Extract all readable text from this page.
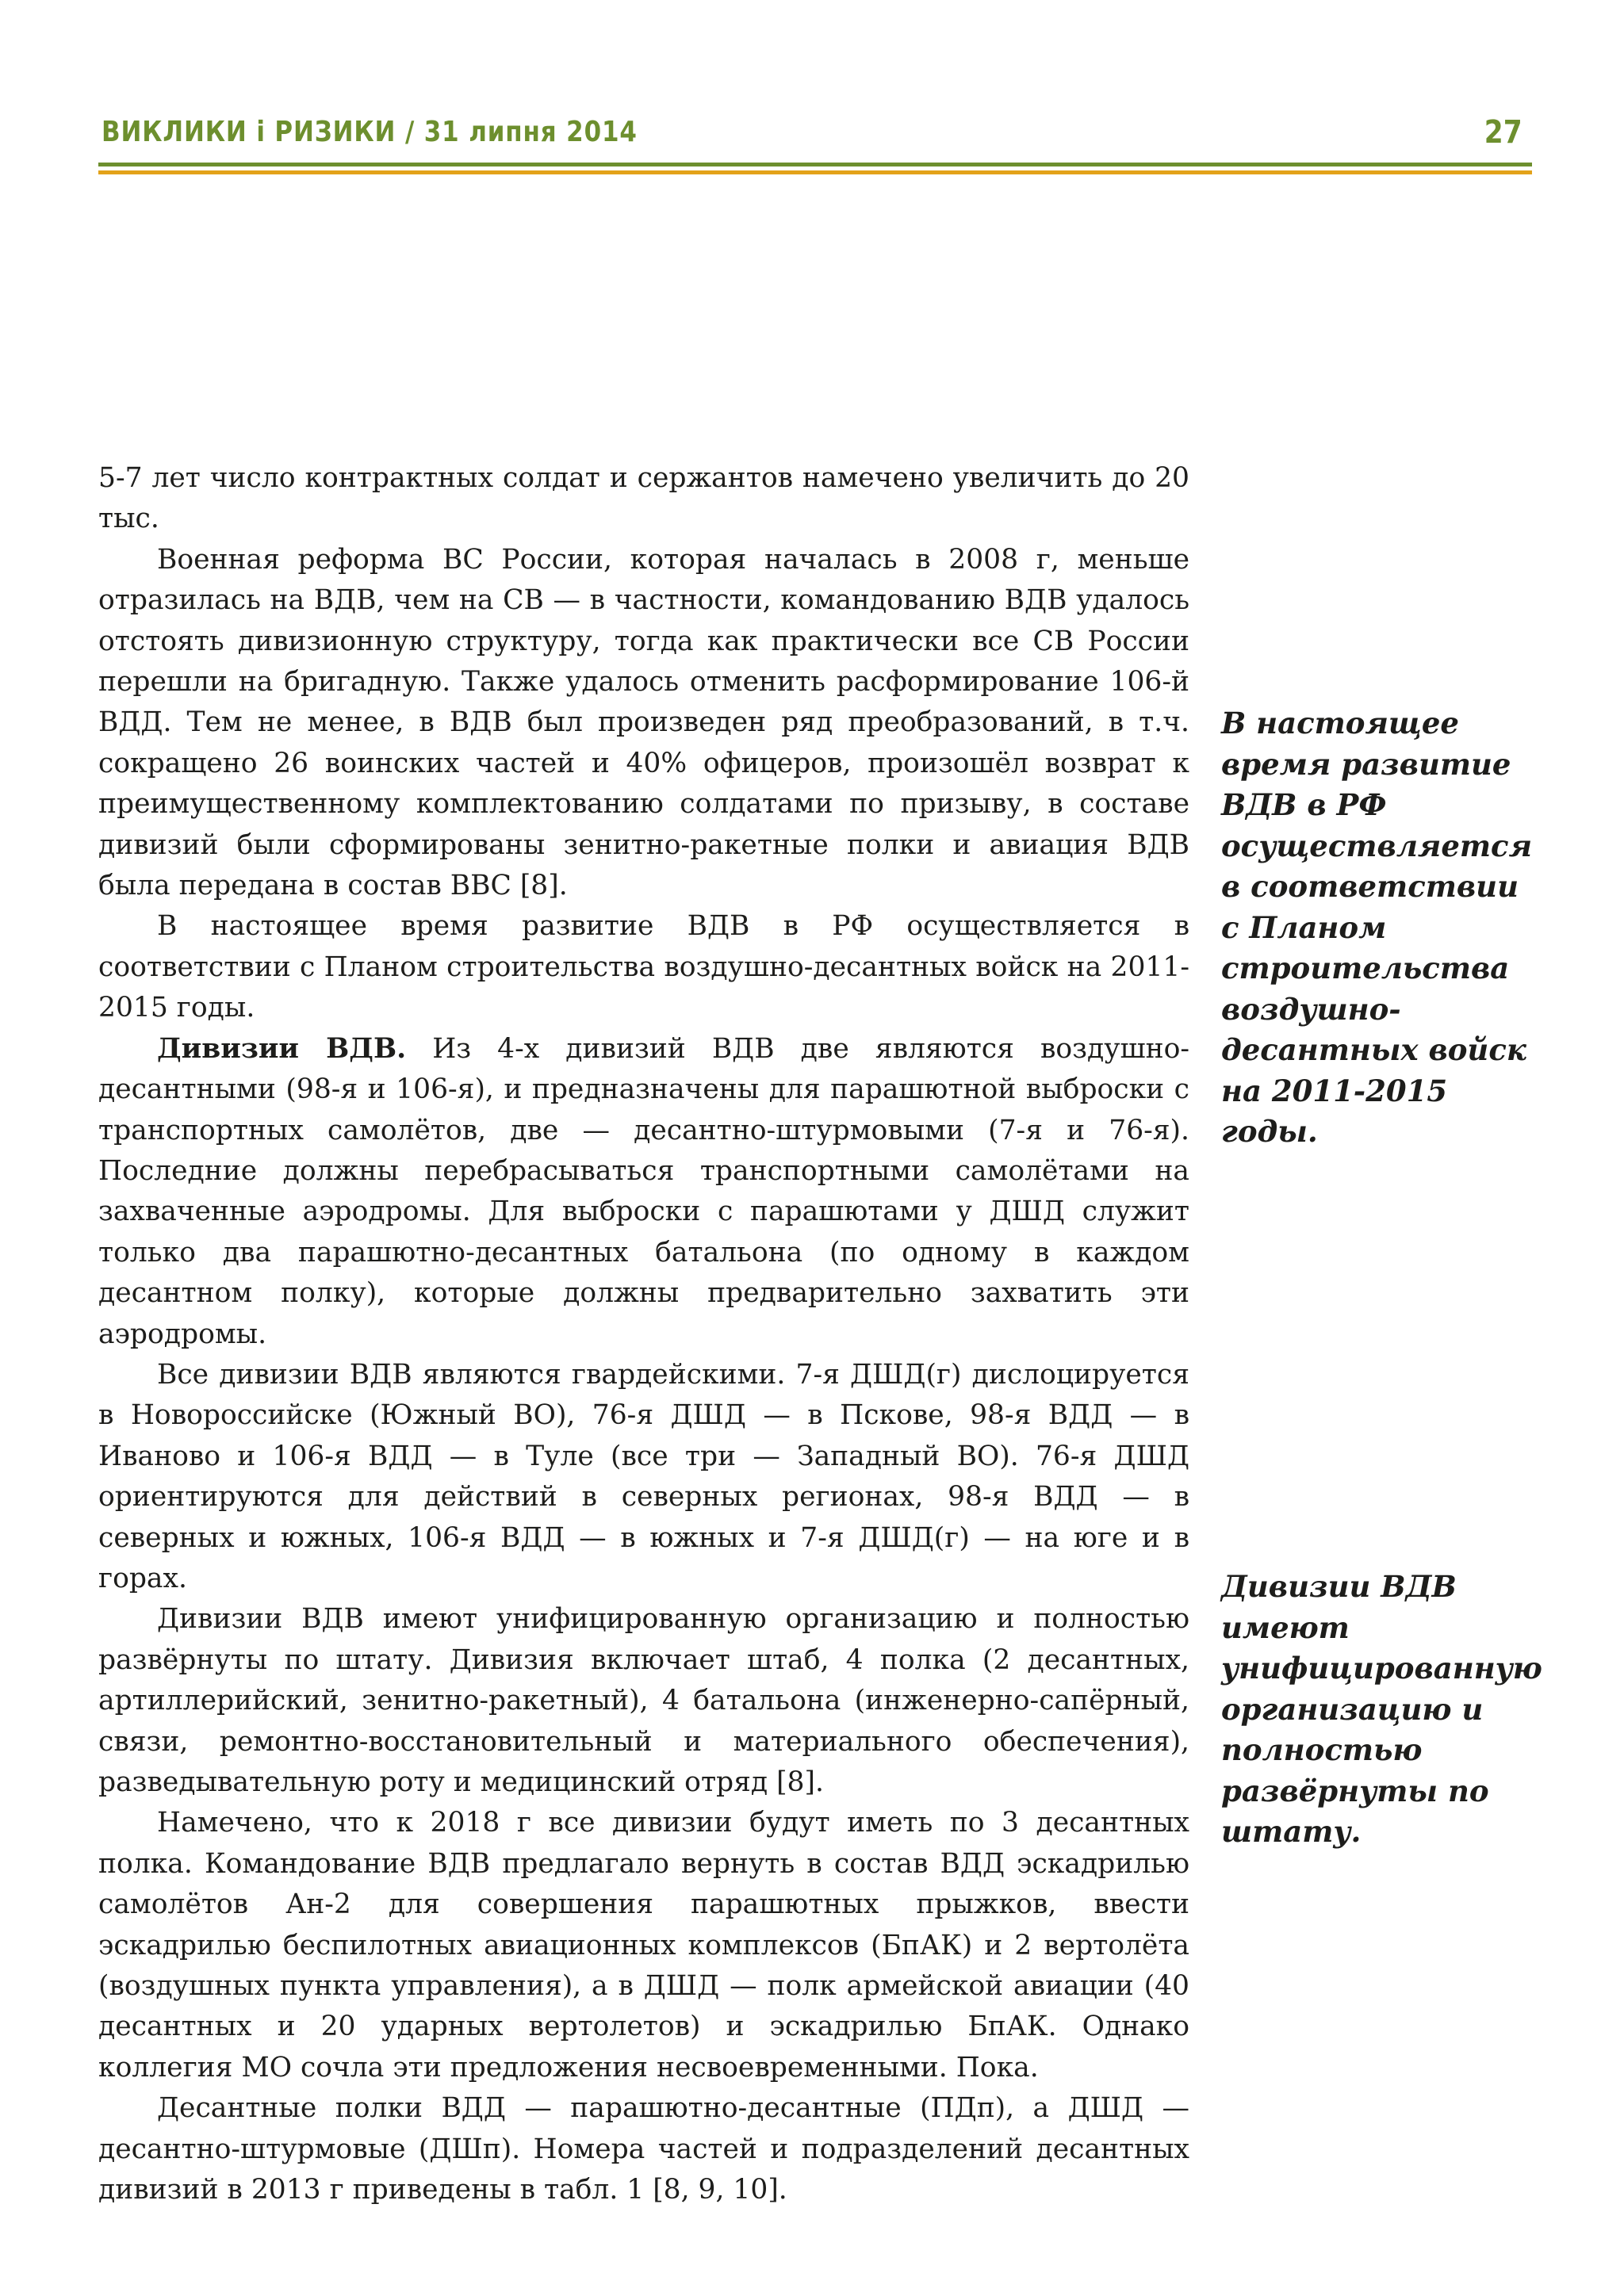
ВИКЛИКИ і РИЗИКИ / 31 липня 2014	27

5-7 лет число контрактных солдат и сержантов намечено увеличить до 20 тыс.

Военная реформа ВС России, которая началась в 2008 г, меньше отразилась на ВДВ, чем на СВ — в частности, командованию ВДВ удалось отстоять дивизионную структуру, тогда как практически все СВ России перешли на бригадную. Также удалось отменить расформирование 106-й ВДД. Тем не менее, в ВДВ был произведен ряд преобразований, в т.ч. сокращено 26 воинских частей и 40% офицеров, произошёл возврат к преимущественному комплектованию солдатами по призыву, в составе дивизий были сформированы зенитно-ракетные полки и авиация ВДВ была передана в состав ВВС [8].

В настоящее время развитие ВДВ в РФ осуществляется в соответствии с Планом строительства воздушно-десантных войск на 2011-2015 годы.

Дивизии ВДВ. Из 4-х дивизий ВДВ две являются воздушно-десантными (98-я и 106-я), и предназначены для парашютной выброски с транспортных самолётов, две — десантно-штурмовыми (7-я и 76-я). Последние должны перебрасываться транспортными самолётами на захваченные аэродромы. Для выброски с парашютами у ДШД служит только два парашютно-десантных батальона (по одному в каждом десантном полку), которые должны предварительно захватить эти аэродромы.

Все дивизии ВДВ являются гвардейскими. 7-я ДШД(г) дислоцируется в Новороссийске (Южный ВО), 76-я ДШД — в Пскове, 98-я ВДД — в Иваново и 106-я ВДД — в Туле (все три — Западный ВО). 76-я ДШД ориентируются для действий в северных регионах, 98-я ВДД — в северных и южных, 106-я ВДД — в южных и 7-я ДШД(г) — на юге и в горах.

Дивизии ВДВ имеют унифицированную организацию и полностью развёрнуты по штату. Дивизия включает штаб, 4 полка (2 десантных, артиллерийский, зенитно-ракетный), 4 батальона (инженерно-сапёрный, связи, ремонтно-восстановительный и материального обеспечения), разведывательную роту и медицинский отряд [8].

Намечено, что к 2018 г все дивизии будут иметь по 3 десантных полка. Командование ВДВ предлагало вернуть в состав ВДД эскадрилью самолётов Ан-2 для совершения парашютных прыжков, ввести эскадрилью беспилотных авиационных комплексов (БпАК) и 2 вертолёта (воздушных пункта управления), а в ДШД — полк армейской авиации (40 десантных и 20 ударных вертолетов) и эскадрилью БпАК. Однако коллегия МО сочла эти предложения несвоевременными. Пока.

Десантные полки ВДД — парашютно-десантные (ПДп), а ДШД — десантно-штурмовые (ДШп). Номера частей и подразделений десантных дивизий в 2013 г приведены в табл. 1 [8, 9, 10].

В настоящее время развитие ВДВ в РФ осуществляется в соответствии с Планом строительства воздушно-десантных войск на 2011-2015 годы.
Дивизии ВДВ имеют унифицированную организацию и полностью развёрнуты по штату.
